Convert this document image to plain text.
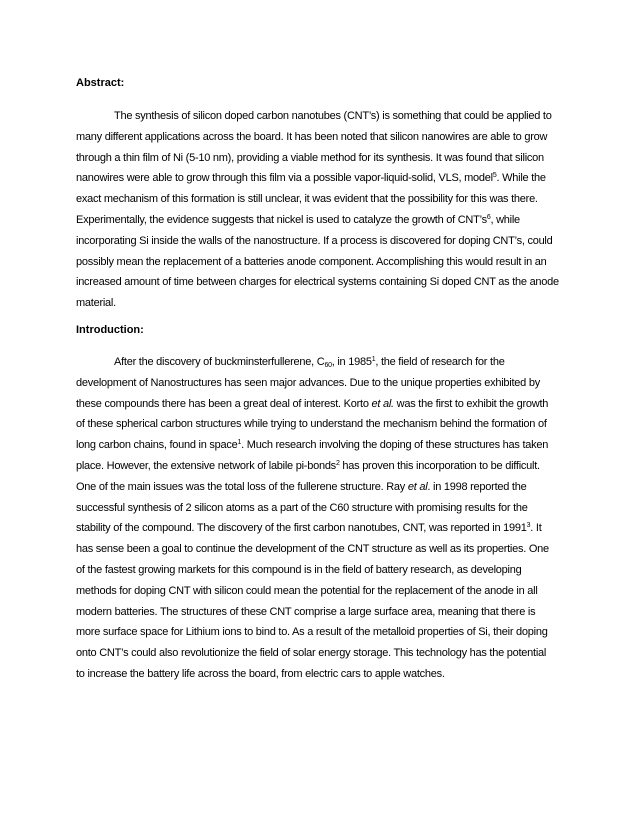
Abstract:

The synthesis of silicon doped carbon nanotubes (CNT’s) is something that could be applied to
many different applications across the board. It has been noted that silicon nanowires are able to grow
through a thin film of Ni (5-10 nm), providing a viable method for its synthesis. It was found that silicon
nanowires were able to grow through this film via a possible vapor-liquid-solid, VLS, model$^5$. While the
exact mechanism of this formation is still unclear, it was evident that the possibility for this was there.
Experimentally, the evidence suggests that nickel is used to catalyze the growth of $CNT’s^6$, while
incorporating Si inside the walls of the nanostructure. If a process is discovered for doping CNT’s, could
possibly mean the replacement of a batteries anode component. Accomplishing this would result in an
increased amount of time between charges for electrical systems containing Si doped CNT as the anode
material.

Introduction:

After the discovery of buckminsterfullerene, $C_{60}$, in 1985$^1$, the field of research for the
development of Nanostructures has seen major advances. Due to the unique properties exhibited by
these compounds there has been a great deal of interest. Korto et al. was the first to exhibit the growth
of these spherical carbon structures while trying to understand the mechanism behind the formation of
long carbon chains, found in space$^1$. Much research involving the doping of these structures has taken
place. However, the extensive network of labile pi-bonds$^2$ has proven this incorporation to be difficult.
One of the main issues was the total loss of the fullerene structure. Ray et al. in 1998 reported the
successful synthesis of 2 silicon atoms as a part of the C60 structure with promising results for the
stability of the compound. The discovery of the first carbon nanotubes, CNT, was reported in 1991$^3$. It
has sense been a goal to continue the development of the CNT structure as well as its properties. One
of the fastest growing markets for this compound is in the field of battery research, as developing
methods for doping CNT with silicon could mean the potential for the replacement of the anode in all
modern batteries. The structures of these CNT comprise a large surface area, meaning that there is
more surface space for Lithium ions to bind to. As a result of the metalloid properties of Si, their doping
onto CNT’s could also revolutionize the field of solar energy storage. This technology has the potential
to increase the battery life across the board, from electric cars to apple watches.
